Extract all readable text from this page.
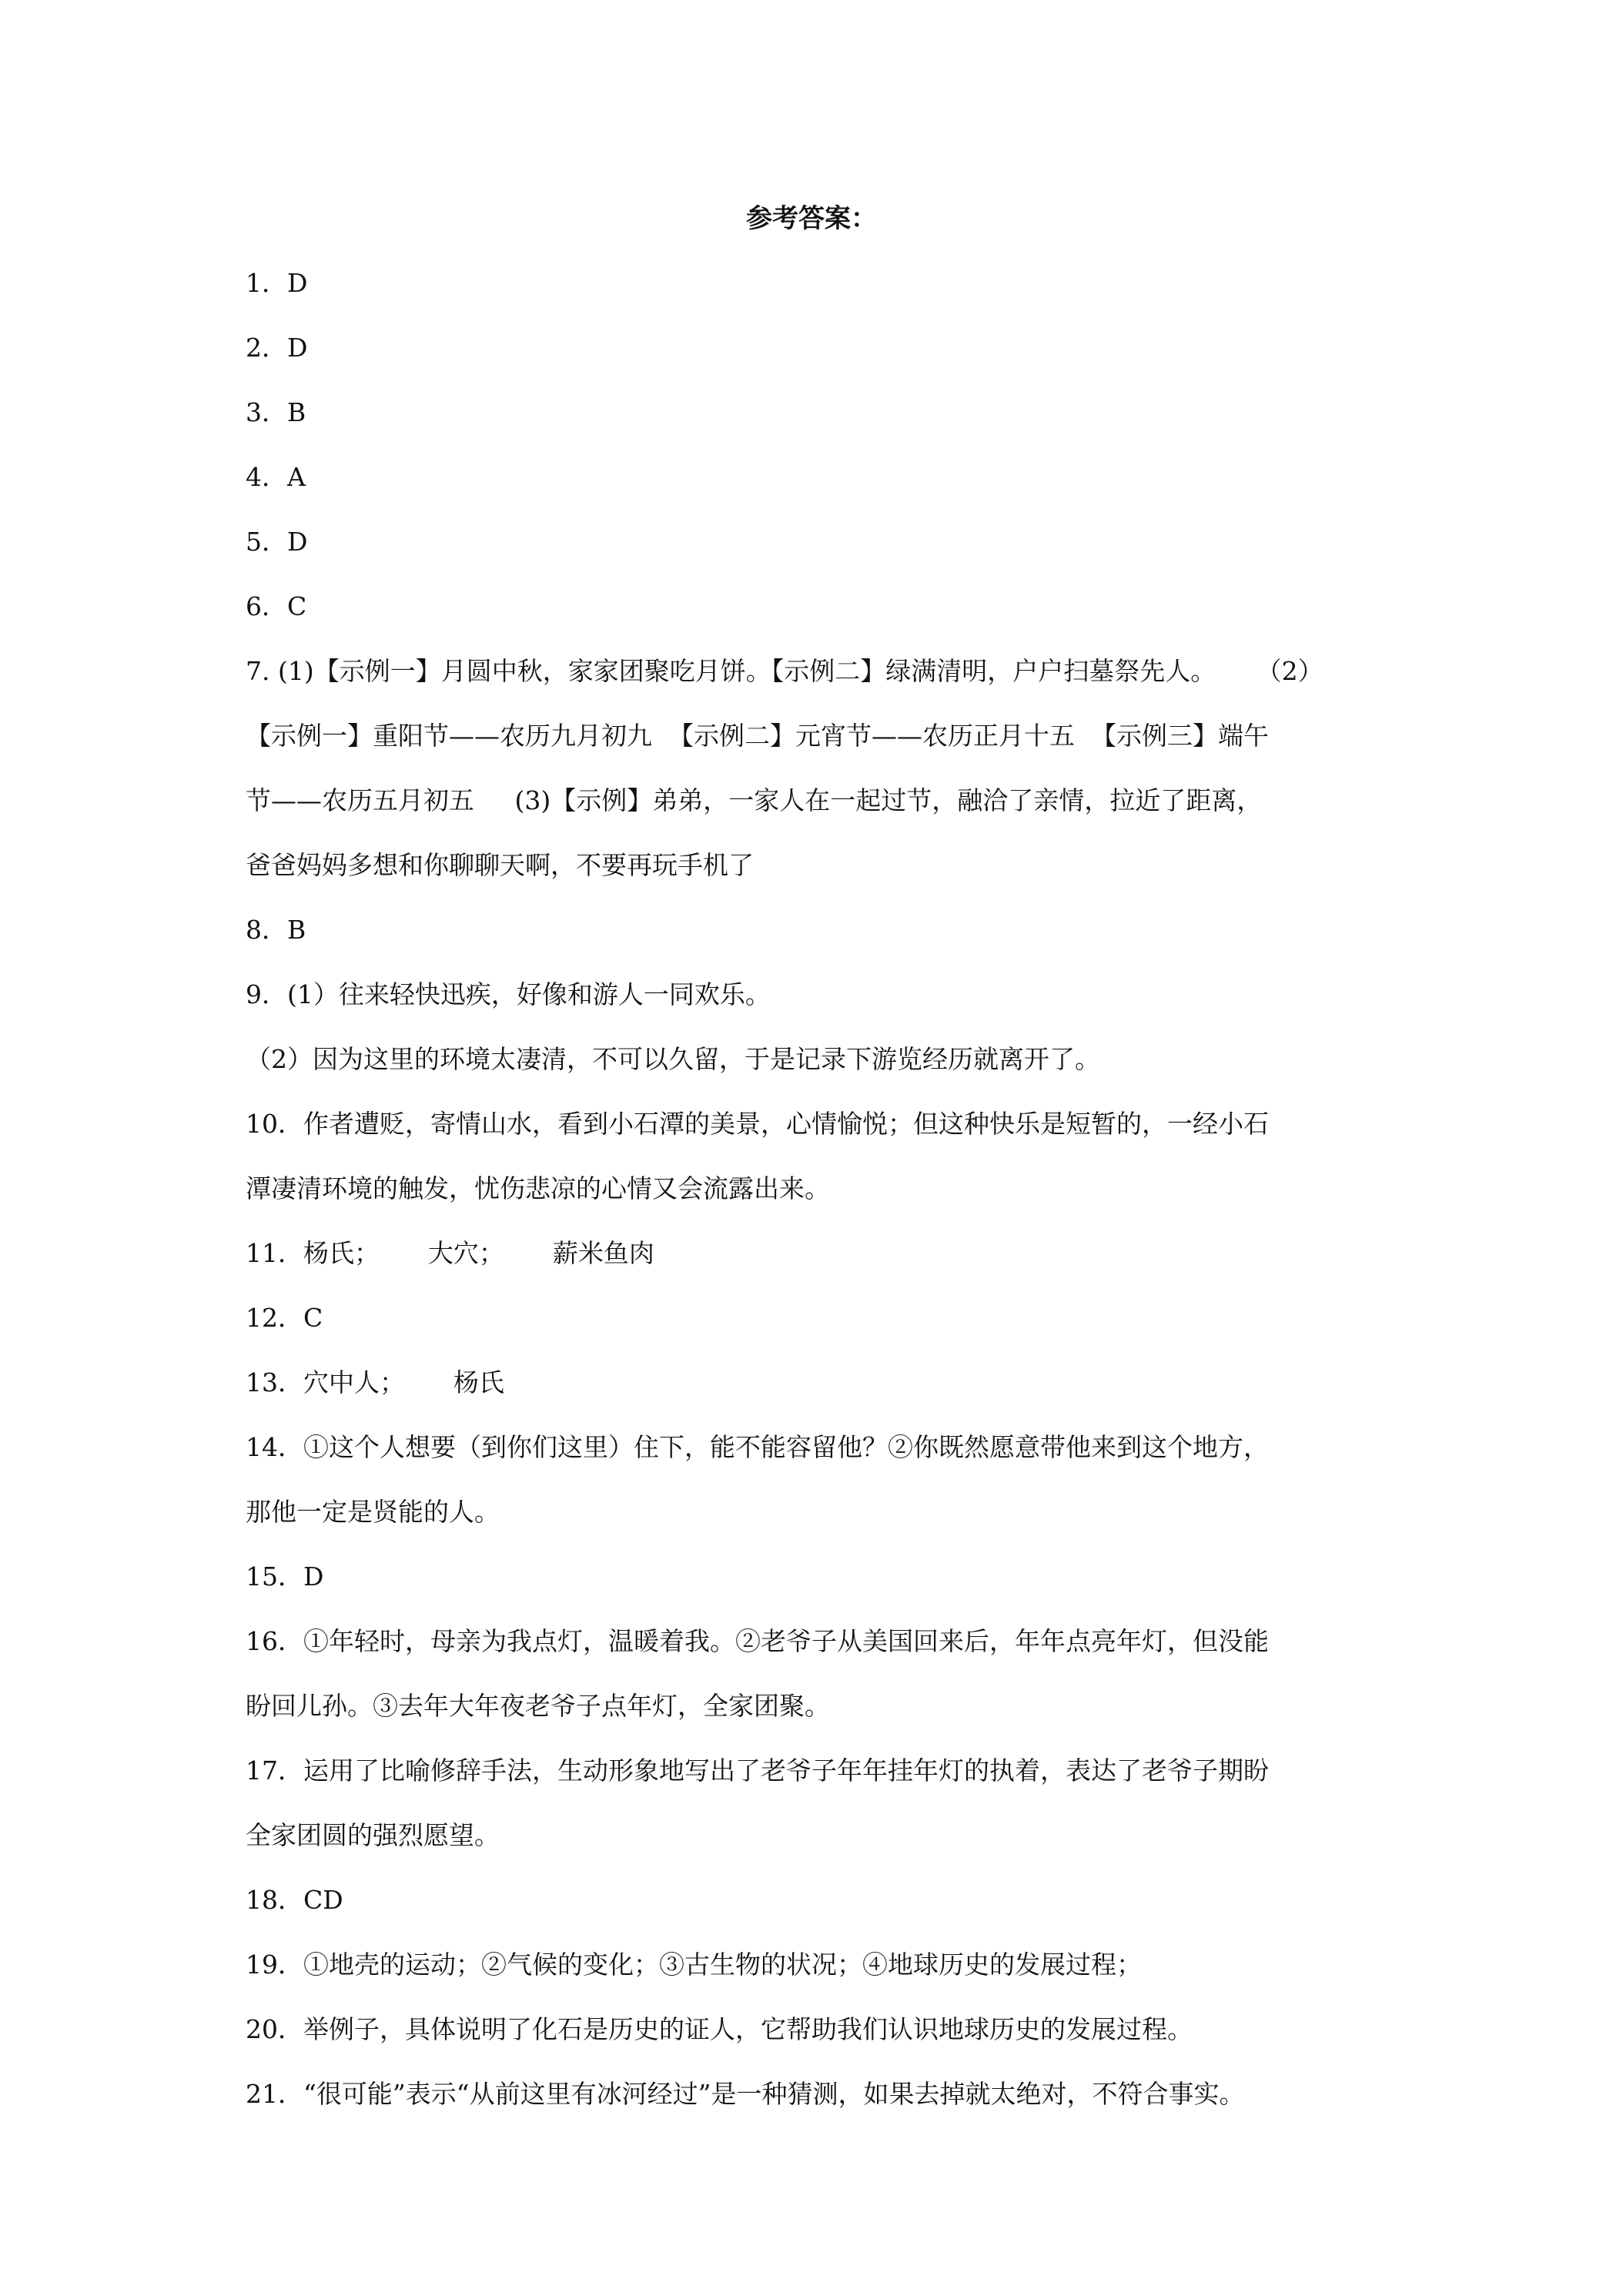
参考答案：
1．D
2．D
3．B
4．A
5．D
6．C
7. (1)【示例一】月圆中秋，家家团聚吃月饼。【示例二】绿满清明，户户扫墓祭先人。     （2）
【示例一】重阳节——农历九月初九  【示例二】元宵节——农历正月十五  【示例三】端午
节——农历五月初五     (3)【示例】弟弟，一家人在一起过节，融洽了亲情，拉近了距离，
爸爸妈妈多想和你聊聊天啊，不要再玩手机了
8．B
9．(1）往来轻快迅疾，好像和游人一同欢乐。
（2）因为这里的环境太凄清，不可以久留，于是记录下游览经历就离开了。
10．作者遭贬，寄情山水，看到小石潭的美景，心情愉悦；但这种快乐是短暂的，一经小石
潭凄清环境的触发，忧伤悲凉的心情又会流露出来。
11．杨氏；      大穴；      薪米鱼肉
12．C
13．穴中人；      杨氏
14．①这个人想要（到你们这里）住下，能不能容留他？②你既然愿意带他来到这个地方，
那他一定是贤能的人。
15．D
16．①年轻时，母亲为我点灯，温暖着我。②老爷子从美国回来后，年年点亮年灯，但没能
盼回儿孙。③去年大年夜老爷子点年灯，全家团聚。
17．运用了比喻修辞手法，生动形象地写出了老爷子年年挂年灯的执着，表达了老爷子期盼
全家团圆的强烈愿望。
18．CD
19．①地壳的运动；②气候的变化；③古生物的状况；④地球历史的发展过程；
20．举例子，具体说明了化石是历史的证人，它帮助我们认识地球历史的发展过程。
21．“很可能”表示“从前这里有冰河经过”是一种猜测，如果去掉就太绝对，不符合事实。
